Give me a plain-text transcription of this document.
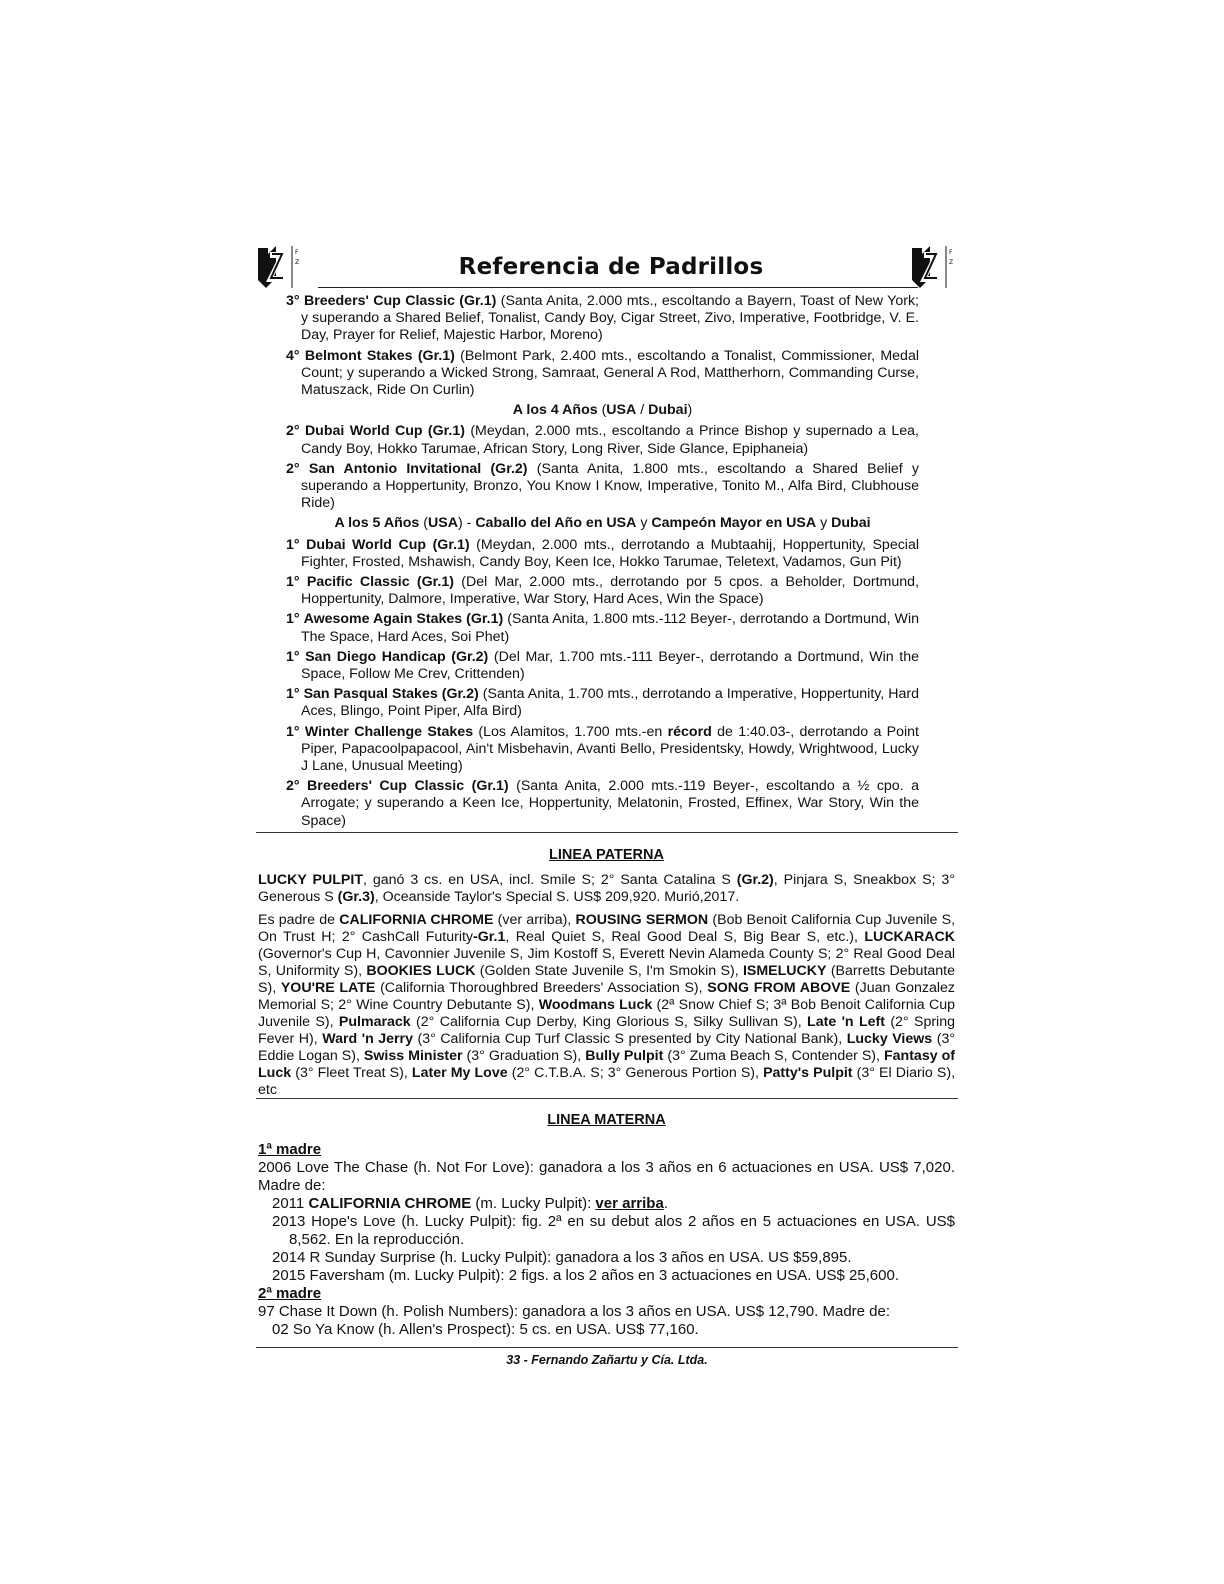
F
Z	Referencia de Padrillos
F
Z

3° Breeders' Cup Classic (Gr.1) (Santa Anita, 2.000 mts., escoltando a Bayern, Toast of New York; y superando a Shared Belief, Tonalist, Candy Boy, Cigar Street, Zivo, Imperative, Footbridge, V. E. Day, Prayer for Relief, Majestic Harbor, Moreno)

4° Belmont Stakes (Gr.1) (Belmont Park, 2.400 mts., escoltando a Tonalist, Commissioner, Medal Count; y superando a Wicked Strong, Samraat, General A Rod, Mattherhorn, Commanding Curse, Matuszack, Ride On Curlin)

A los 4 Años (USA / Dubai)

2° Dubai World Cup (Gr.1) (Meydan, 2.000 mts., escoltando a Prince Bishop y supernado a Lea, Candy Boy, Hokko Tarumae, African Story, Long River, Side Glance, Epiphaneia)

2° San Antonio Invitational (Gr.2) (Santa Anita, 1.800 mts., escoltando a Shared Belief y superando a Hoppertunity, Bronzo, You Know I Know, Imperative, Tonito M., Alfa Bird, Clubhouse Ride)

A los 5 Años (USA) - Caballo del Año en USA y Campeón Mayor en USA y Dubai

1° Dubai World Cup (Gr.1) (Meydan, 2.000 mts., derrotando a Mubtaahij, Hoppertunity, Special Fighter, Frosted, Mshawish, Candy Boy, Keen Ice, Hokko Tarumae, Teletext, Vadamos, Gun Pit)

1° Pacific Classic (Gr.1) (Del Mar, 2.000 mts., derrotando por 5 cpos. a Beholder, Dortmund, Hoppertunity, Dalmore, Imperative, War Story, Hard Aces, Win the Space)

1° Awesome Again Stakes (Gr.1) (Santa Anita, 1.800 mts.-112 Beyer-, derrotando a Dortmund, Win The Space, Hard Aces, Soi Phet)

1° San Diego Handicap (Gr.2) (Del Mar, 1.700 mts.-111 Beyer-, derrotando a Dortmund, Win the Space, Follow Me Crev, Crittenden)

1° San Pasqual Stakes (Gr.2) (Santa Anita, 1.700 mts., derrotando a Imperative, Hoppertunity, Hard Aces, Blingo, Point Piper, Alfa Bird)

1° Winter Challenge Stakes (Los Alamitos, 1.700 mts.-en récord de 1:40.03-, derrotando a Point Piper, Papacoolpapacool, Ain't Misbehavin, Avanti Bello, Presidentsky, Howdy, Wrightwood, Lucky J Lane, Unusual Meeting)

2° Breeders' Cup Classic (Gr.1) (Santa Anita, 2.000 mts.-119 Beyer-, escoltando a ½ cpo. a Arrogate; y superando a Keen Ice, Hoppertunity, Melatonin, Frosted, Effinex, War Story, Win the Space)

LINEA PATERNA

LUCKY PULPIT, ganó 3 cs. en USA, incl. Smile S; 2° Santa Catalina S (Gr.2), Pinjara S, Sneakbox S; 3° Generous S (Gr.3), Oceanside Taylor's Special S. US$ 209,920. Murió,2017.

Es padre de CALIFORNIA CHROME (ver arriba), ROUSING SERMON (Bob Benoit California Cup Juvenile S, On Trust H; 2° CashCall Futurity-Gr.1, Real Quiet S, Real Good Deal S, Big Bear S, etc.), LUCKARACK (Governor's Cup H, Cavonnier Juvenile S, Jim Kostoff S, Everett Nevin Alameda County S; 2° Real Good Deal S, Uniformity S), BOOKIES LUCK (Golden State Juvenile S, I'm Smokin S), ISMELUCKY (Barretts Debutante S), YOU'RE LATE (California Thoroughbred Breeders' Association S), SONG FROM ABOVE (Juan Gonzalez Memorial S; 2° Wine Country Debutante S), Woodmans Luck (2ª Snow Chief S; 3ª Bob Benoit California Cup Juvenile S), Pulmarack (2° California Cup Derby, King Glorious S, Silky Sullivan S), Late 'n Left (2° Spring Fever H), Ward 'n Jerry (3° California Cup Turf Classic S presented by City National Bank), Lucky Views (3° Eddie Logan S), Swiss Minister (3° Graduation S), Bully Pulpit (3° Zuma Beach S, Contender S), Fantasy of Luck (3° Fleet Treat S), Later My Love (2° C.T.B.A. S; 3° Generous Portion S), Patty's Pulpit (3° El Diario S), etc

LINEA MATERNA

1ª madre

2006 Love The Chase (h. Not For Love): ganadora a los 3 años en 6 actuaciones en USA. US$ 7,020. Madre de:

2011 CALIFORNIA CHROME (m. Lucky Pulpit): ver arriba.

2013 Hope's Love (h. Lucky Pulpit): fig. 2ª en su debut alos 2 años en 5 actuaciones en USA. US$ 8,562. En la reproducción.

2014 R Sunday Surprise (h. Lucky Pulpit): ganadora a los 3 años en USA. US $59,895.

2015 Faversham (m. Lucky Pulpit): 2 figs. a los 2 años en 3 actuaciones en USA. US$ 25,600.

2ª madre

97 Chase It Down (h. Polish Numbers): ganadora a los 3 años en USA. US$ 12,790. Madre de:

02 So Ya Know (h. Allen's Prospect): 5 cs. en USA. US$ 77,160.

33 - Fernando Zañartu y Cía. Ltda.
